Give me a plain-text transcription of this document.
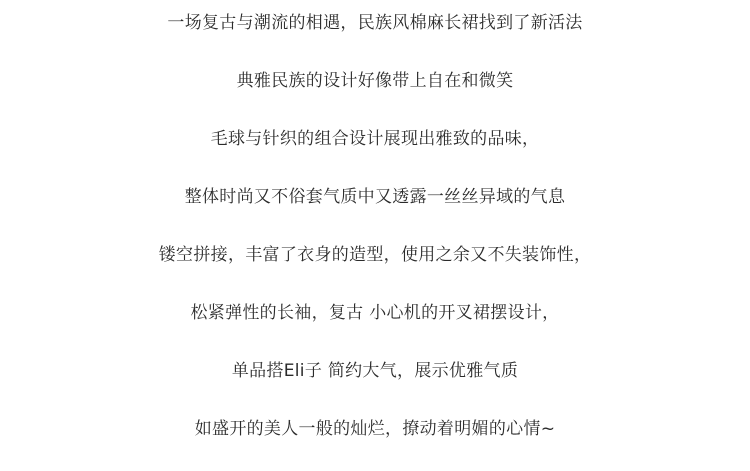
一场复古与潮流的相遇，民族风棉麻长裙找到了新活法
典雅民族的设计好像带上自在和微笑
毛球与针织的组合设计展现出雅致的品味，
整体时尚又不俗套气质中又透露一丝丝异域的气息
镂空拼接，丰富了衣身的造型，使用之余又不失装饰性，
松紧弹性的长袖，复古 小心机的开叉裙摆设计，
单品搭Eli子 简约大气，展示优雅气质
如盛开的美人一般的灿烂，撩动着明媚的心情~
